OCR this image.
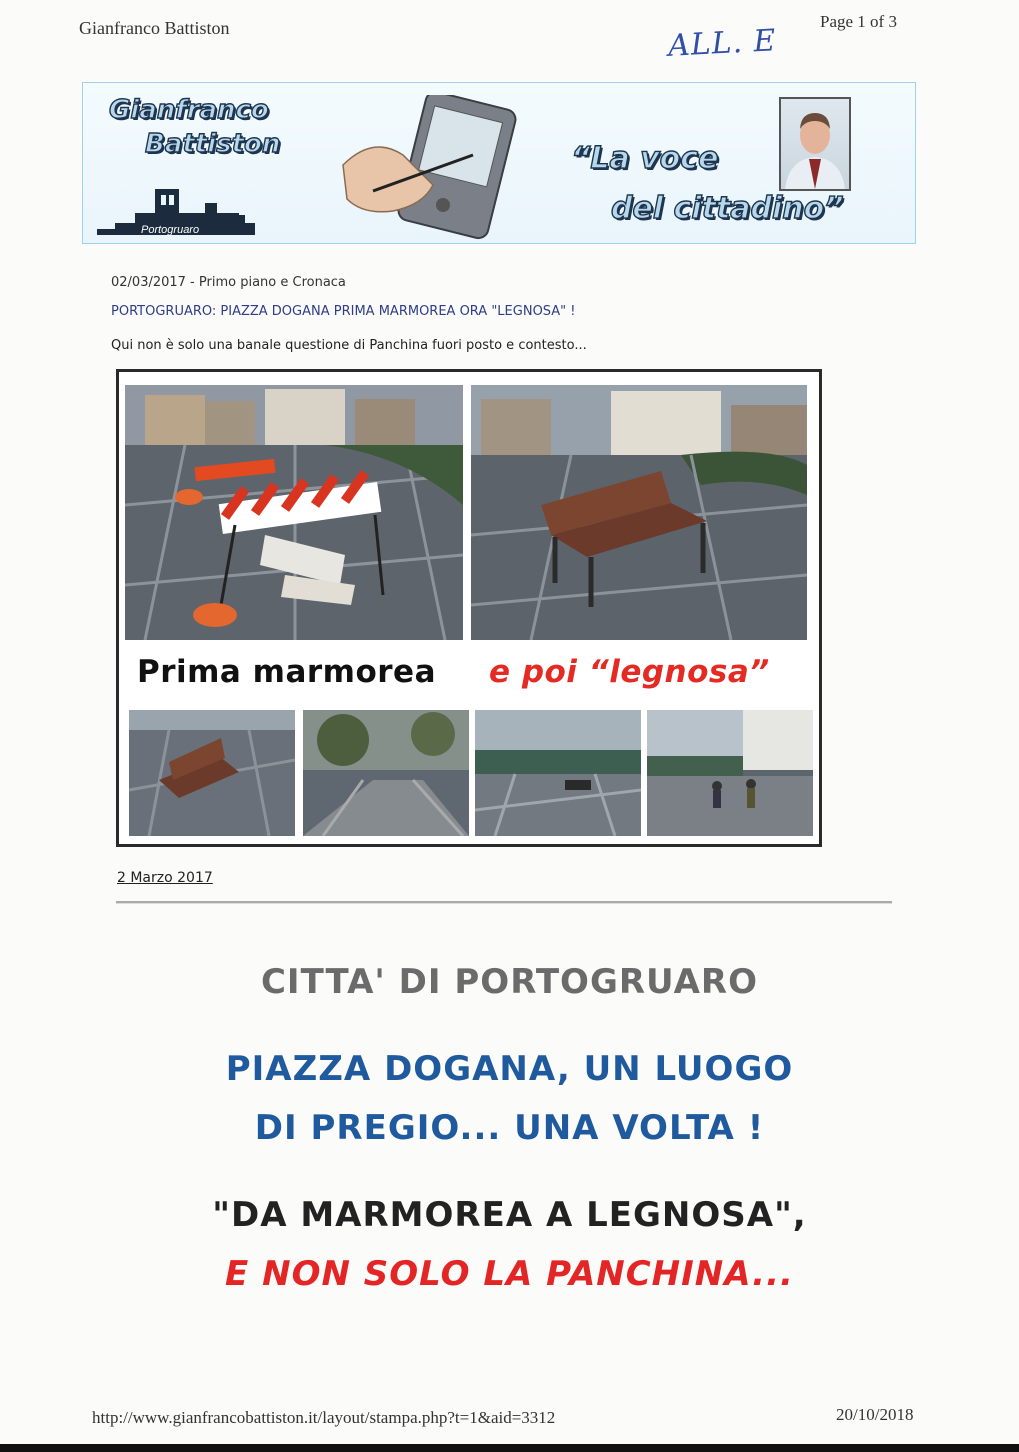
Gianfranco Battiston	Page 1 of 3
ALL. E
Gianfranco
Battiston
Ve
Portogruaro
“La voce
del cittadino”
02/03/2017 - Primo piano e Cronaca
PORTOGRUARO: PIAZZA DOGANA PRIMA MARMOREA ORA "LEGNOSA" !
Qui non è solo una banale questione di Panchina fuori posto e contesto...
Prima marmorea e poi “legnosa”
2 Marzo 2017
CITTA' DI PORTOGRUARO
PIAZZA DOGANA, UN LUOGO
DI PREGIO... UNA VOLTA !
"DA MARMOREA A LEGNOSA",
E NON SOLO LA PANCHINA...
http://www.gianfrancobattiston.it/layout/stampa.php?t=1&aid=3312	20/10/2018
